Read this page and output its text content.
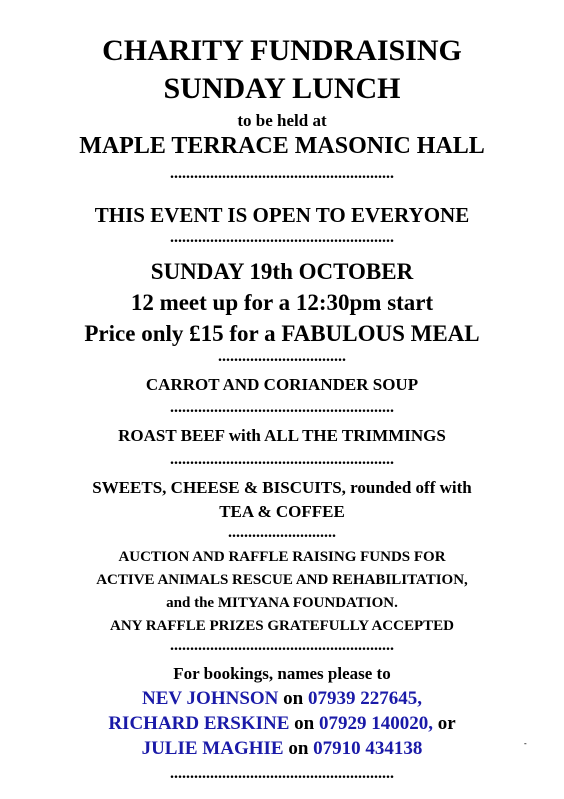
CHARITY FUNDRAISING
SUNDAY LUNCH
to be held at
MAPLE TERRACE MASONIC HALL
........................................................
THIS EVENT IS OPEN TO EVERYONE
........................................................
SUNDAY 19th OCTOBER
12 meet up for a 12:30pm start
Price only £15 for a FABULOUS MEAL
................................
CARROT AND CORIANDER SOUP
........................................................
ROAST BEEF with ALL THE TRIMMINGS
........................................................
SWEETS, CHEESE & BISCUITS, rounded off with
TEA & COFFEE
...........................
AUCTION AND RAFFLE RAISING FUNDS FOR
ACTIVE ANIMALS RESCUE AND REHABILITATION,
and the MITYANA FOUNDATION.
ANY RAFFLE PRIZES GRATEFULLY ACCEPTED
........................................................
For bookings, names please to
NEV JOHNSON on 07939 227645,
RICHARD ERSKINE on 07929 140020, or
JULIE MAGHIE on 07910 434138
........................................................
-
